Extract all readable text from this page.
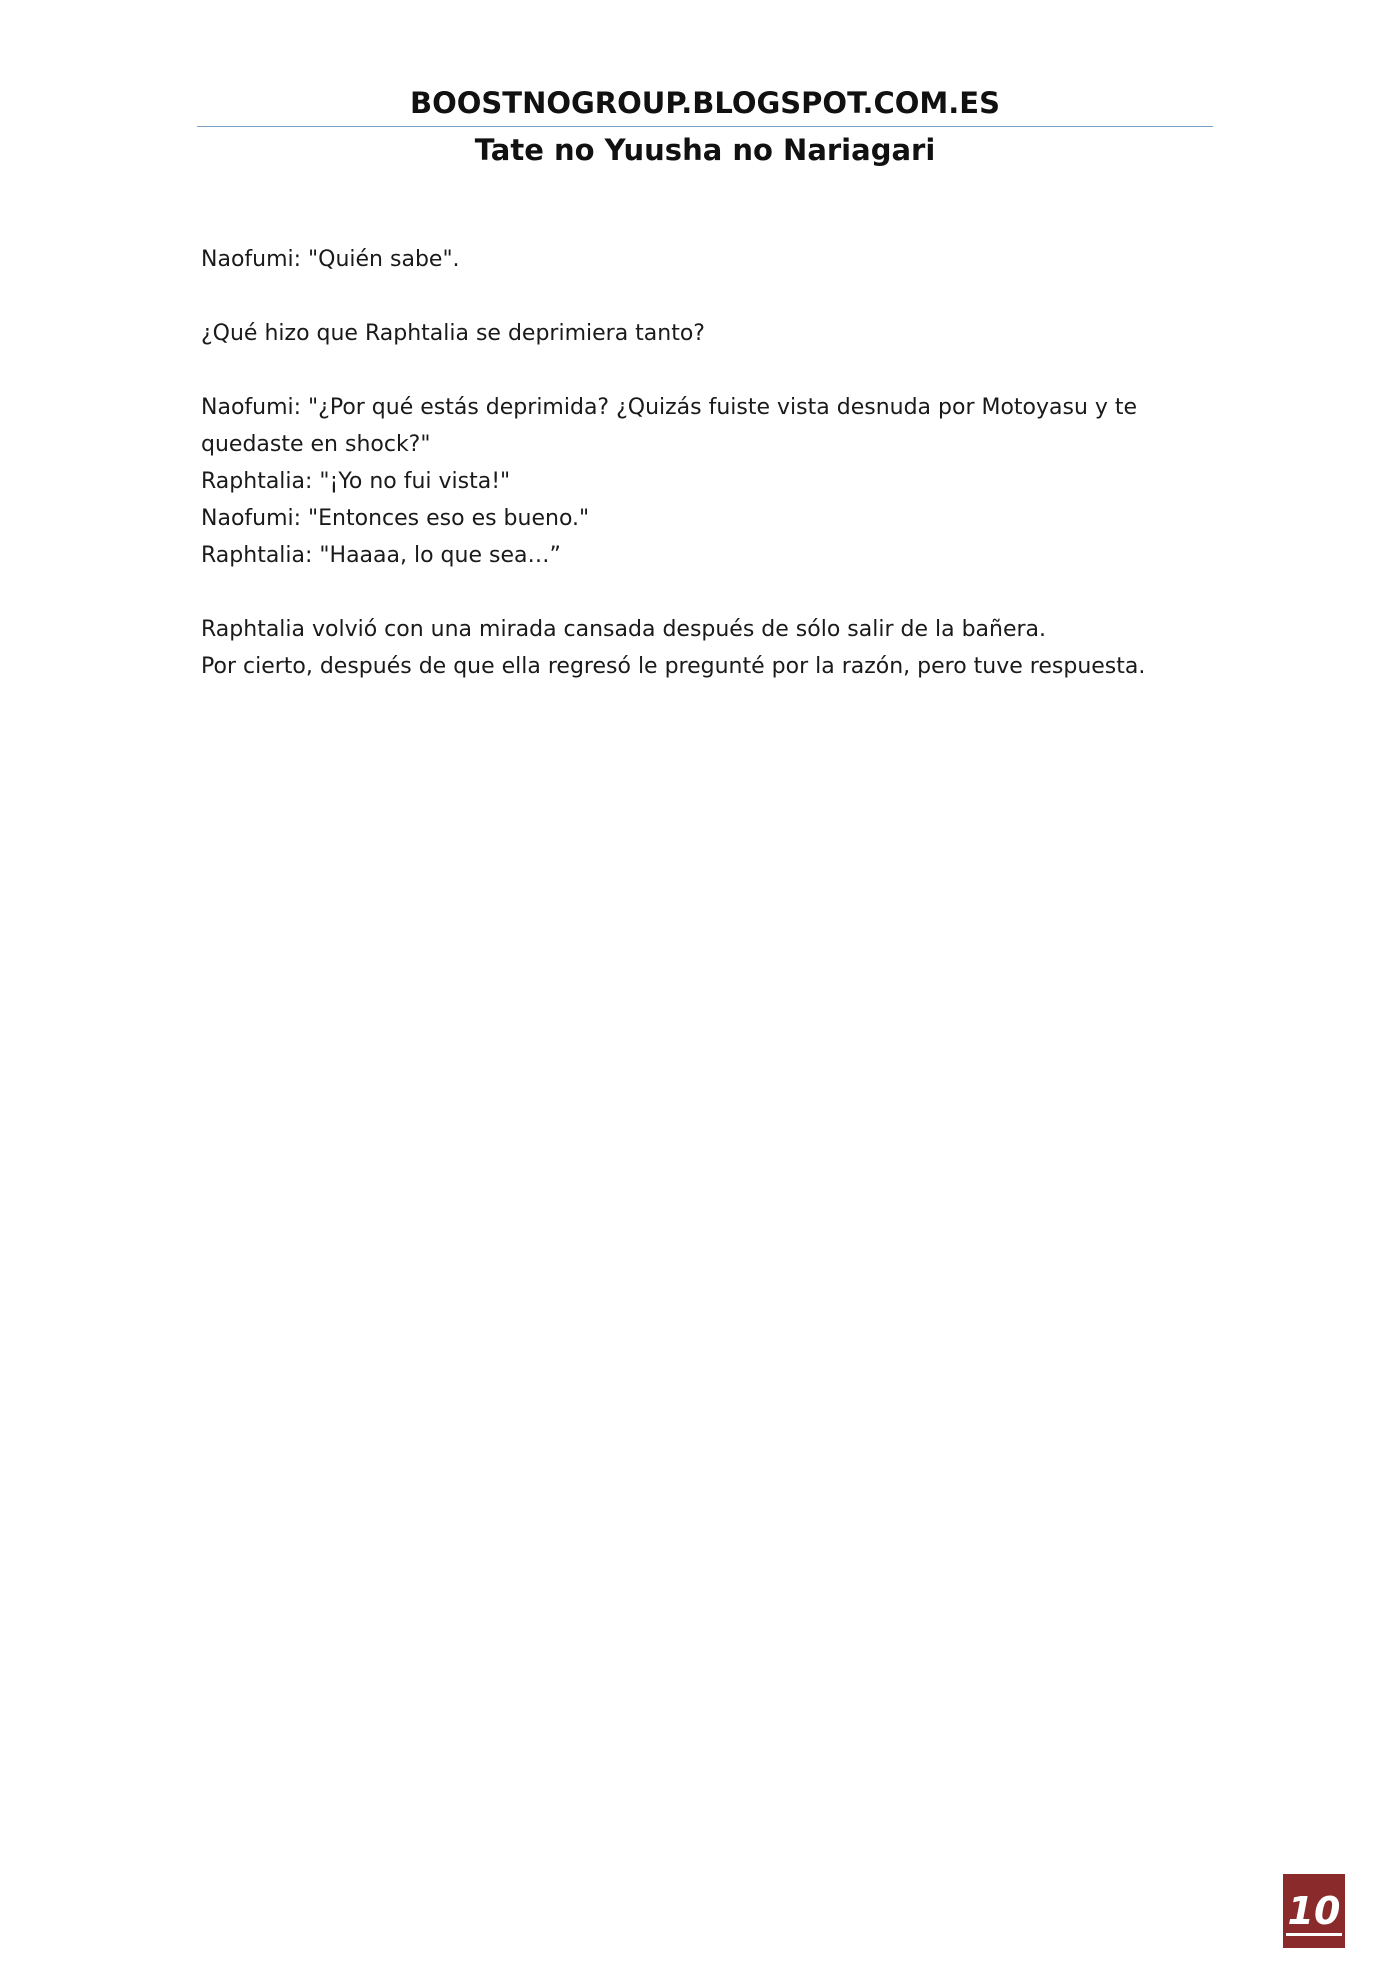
BOOSTNOGROUP.BLOGSPOT.COM.ES
Tate no Yuusha no Nariagari
Naofumi: "Quién sabe".
¿Qué hizo que Raphtalia se deprimiera tanto?
Naofumi: "¿Por qué estás deprimida? ¿Quizás fuiste vista desnuda por Motoyasu y te
quedaste en shock?"
Raphtalia: "¡Yo no fui vista!"
Naofumi: "Entonces eso es bueno."
Raphtalia: "Haaaa, lo que sea…”
Raphtalia volvió con una mirada cansada después de sólo salir de la bañera.
Por cierto, después de que ella regresó le pregunté por la razón, pero tuve respuesta.
10
